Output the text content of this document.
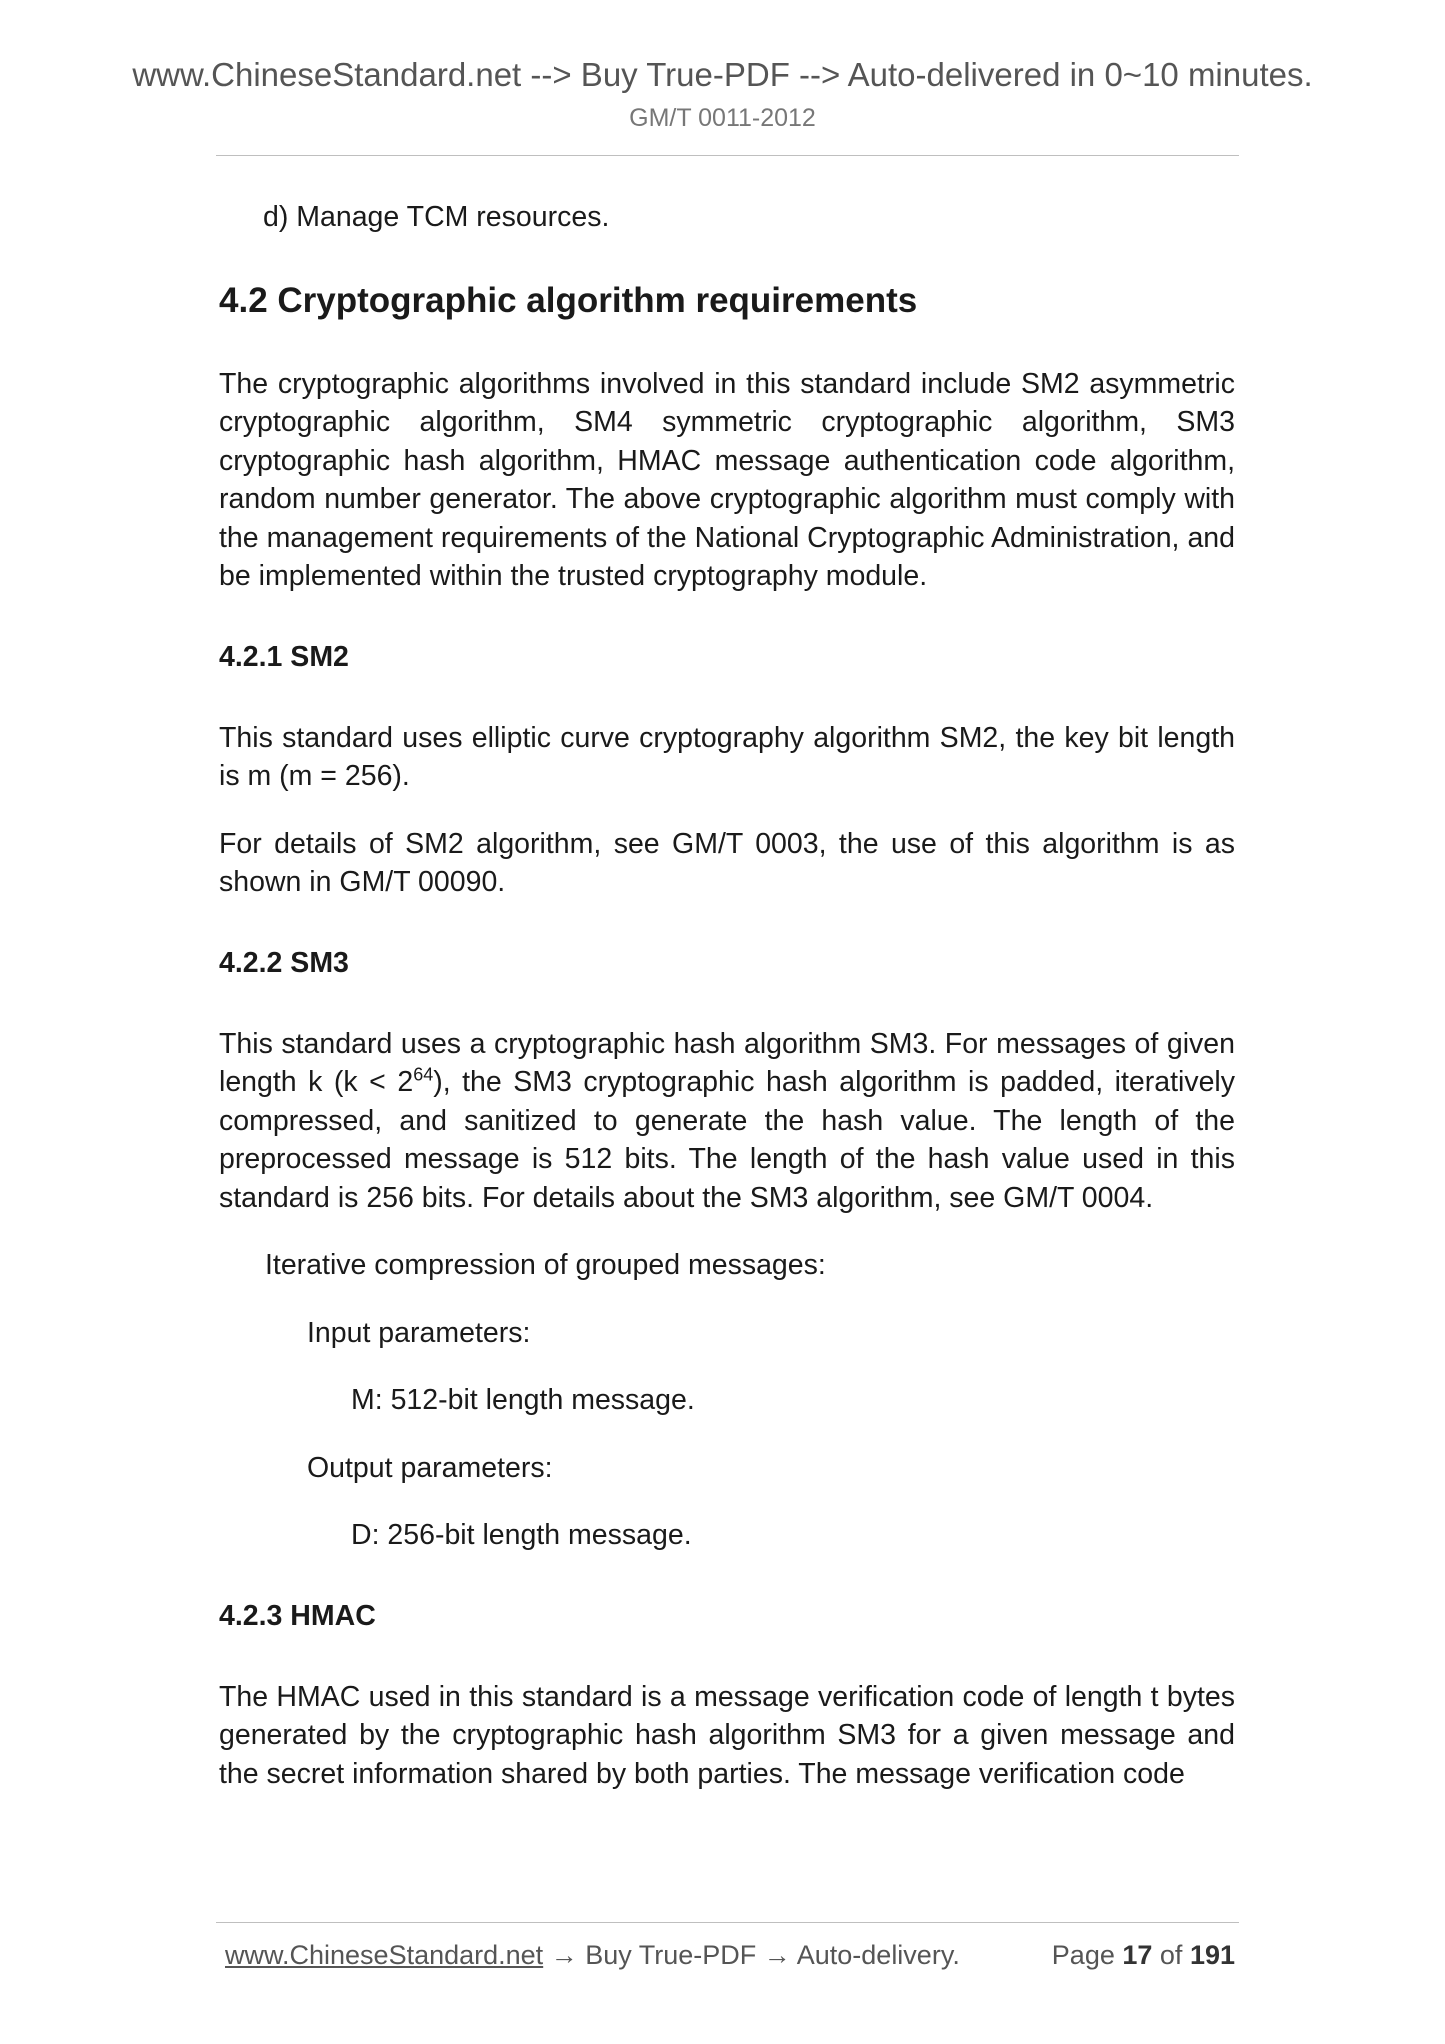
www.ChineseStandard.net --> Buy True-PDF --> Auto-delivered in 0~10 minutes.
GM/T 0011-2012

d) Manage TCM resources.

4.2 Cryptographic algorithm requirements

The cryptographic algorithms involved in this standard include SM2 asymmetric cryptographic algorithm, SM4 symmetric cryptographic algorithm, SM3 cryptographic hash algorithm, HMAC message authentication code algorithm, random number generator. The above cryptographic algorithm must comply with the management requirements of the National Cryptographic Administration, and be implemented within the trusted cryptography module.

4.2.1 SM2

This standard uses elliptic curve cryptography algorithm SM2, the key bit length is m (m = 256).

For details of SM2 algorithm, see GM/T 0003, the use of this algorithm is as shown in GM/T 00090.

4.2.2 SM3

This standard uses a cryptographic hash algorithm SM3. For messages of given length k $(k < 2^{64})$, the SM3 cryptographic hash algorithm is padded, iteratively compressed, and sanitized to generate the hash value. The length of the preprocessed message is 512 bits. The length of the hash value used in this standard is 256 bits. For details about the SM3 algorithm, see GM/T 0004.

Iterative compression of grouped messages:

Input parameters:

M: 512-bit length message.

Output parameters:

D: 256-bit length message.

4.2.3 HMAC

The HMAC used in this standard is a message verification code of length t bytes generated by the cryptographic hash algorithm SM3 for a given message and the secret information shared by both parties. The message verification code

www.ChineseStandard.net → Buy True-PDF → Auto-delivery.	Page 17 of 191
